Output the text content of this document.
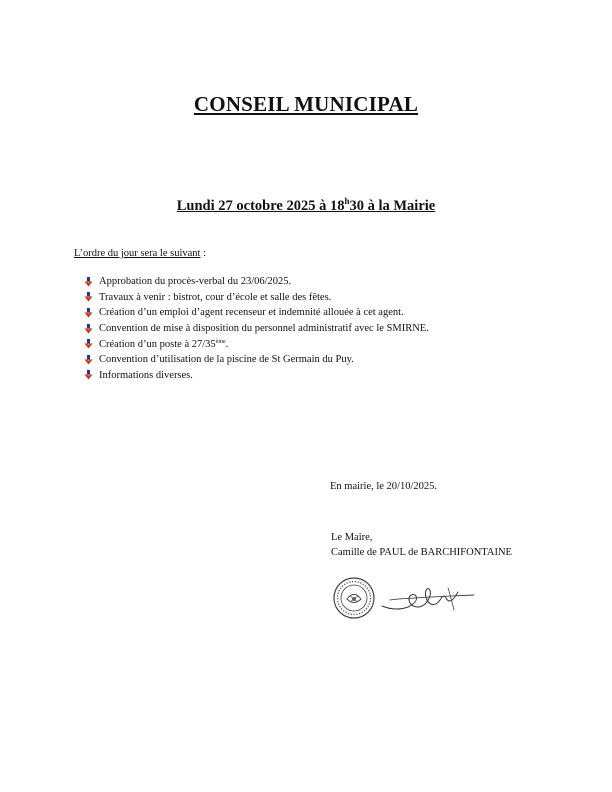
CONSEIL MUNICIPAL
Lundi 27 octobre 2025 à 18$^h$30 à la Mairie
L’ordre du jour sera le suivant :
Approbation du procès-verbal du 23/06/2025.
Travaux à venir : bistrot, cour d’école et salle des fêtes.
Création d’un emploi d’agent recenseur et indemnité allouée à cet agent.
Convention de mise à disposition du personnel administratif avec le SMIRNE.
Création d’un poste à 27/35ème.
Convention d’utilisation de la piscine de St Germain du Puy.
Informations diverses.
En mairie, le 20/10/2025.
Le Maire,
Camille de PAUL de BARCHIFONTAINE
